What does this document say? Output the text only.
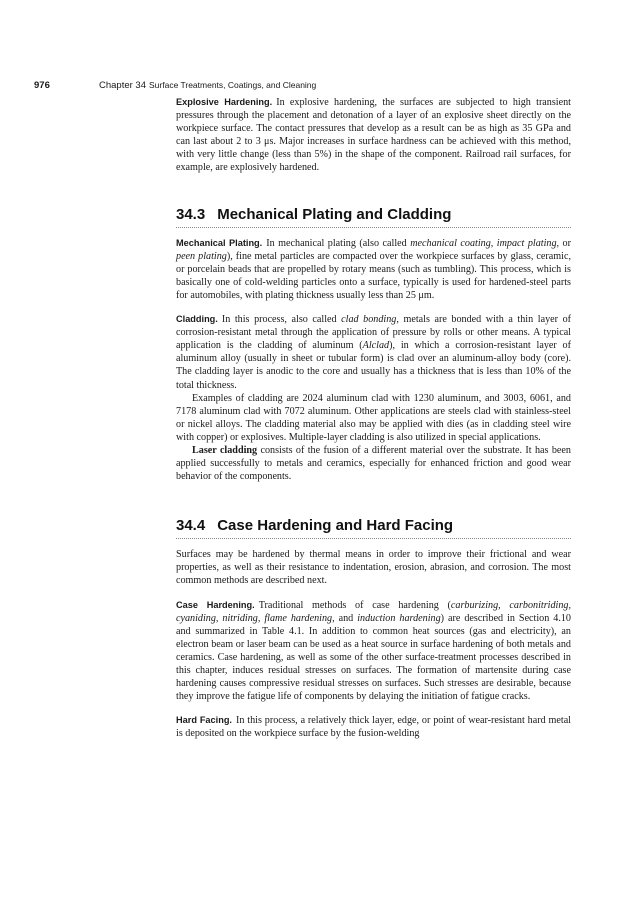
976	Chapter 34 Surface Treatments, Coatings, and Cleaning

Explosive Hardening. In explosive hardening, the surfaces are subjected to high transient pressures through the placement and detonation of a layer of an explosive sheet directly on the workpiece surface. The contact pressures that develop as a result can be as high as 35 GPa and can last about 2 to 3 μs. Major increases in surface hardness can be achieved with this method, with very little change (less than 5%) in the shape of the component. Railroad rail surfaces, for example, are explosively hardened.

34.3 Mechanical Plating and Cladding

Mechanical Plating. In mechanical plating (also called mechanical coating, impact plating, or peen plating), fine metal particles are compacted over the workpiece surfaces by glass, ceramic, or porcelain beads that are propelled by rotary means (such as tumbling). This process, which is basically one of cold-welding particles onto a surface, typically is used for hardened-steel parts for automobiles, with plating thickness usually less than 25 μm.

Cladding. In this process, also called clad bonding, metals are bonded with a thin layer of corrosion-resistant metal through the application of pressure by rolls or other means. A typical application is the cladding of aluminum (Alclad), in which a corrosion-resistant layer of aluminum alloy (usually in sheet or tubular form) is clad over an aluminum-alloy body (core). The cladding layer is anodic to the core and usually has a thickness that is less than 10% of the total thickness.

Examples of cladding are 2024 aluminum clad with 1230 aluminum, and 3003, 6061, and 7178 aluminum clad with 7072 aluminum. Other applications are steels clad with stainless-steel or nickel alloys. The cladding material also may be applied with dies (as in cladding steel wire with copper) or explosives. Multiple-layer cladding is also utilized in special applications.

Laser cladding consists of the fusion of a different material over the substrate. It has been applied successfully to metals and ceramics, especially for enhanced friction and good wear behavior of the components.

34.4 Case Hardening and Hard Facing

Surfaces may be hardened by thermal means in order to improve their frictional and wear properties, as well as their resistance to indentation, erosion, abrasion, and corrosion. The most common methods are described next.

Case Hardening. Traditional methods of case hardening (carburizing, carbonitriding, cyaniding, nitriding, flame hardening, and induction hardening) are described in Section 4.10 and summarized in Table 4.1. In addition to common heat sources (gas and electricity), an electron beam or laser beam can be used as a heat source in surface hardening of both metals and ceramics. Case hardening, as well as some of the other surface-treatment processes described in this chapter, induces residual stresses on surfaces. The formation of martensite during case hardening causes compressive residual stresses on surfaces. Such stresses are desirable, because they improve the fatigue life of components by delaying the initiation of fatigue cracks.

Hard Facing. In this process, a relatively thick layer, edge, or point of wear-resistant hard metal is deposited on the workpiece surface by the fusion-welding
